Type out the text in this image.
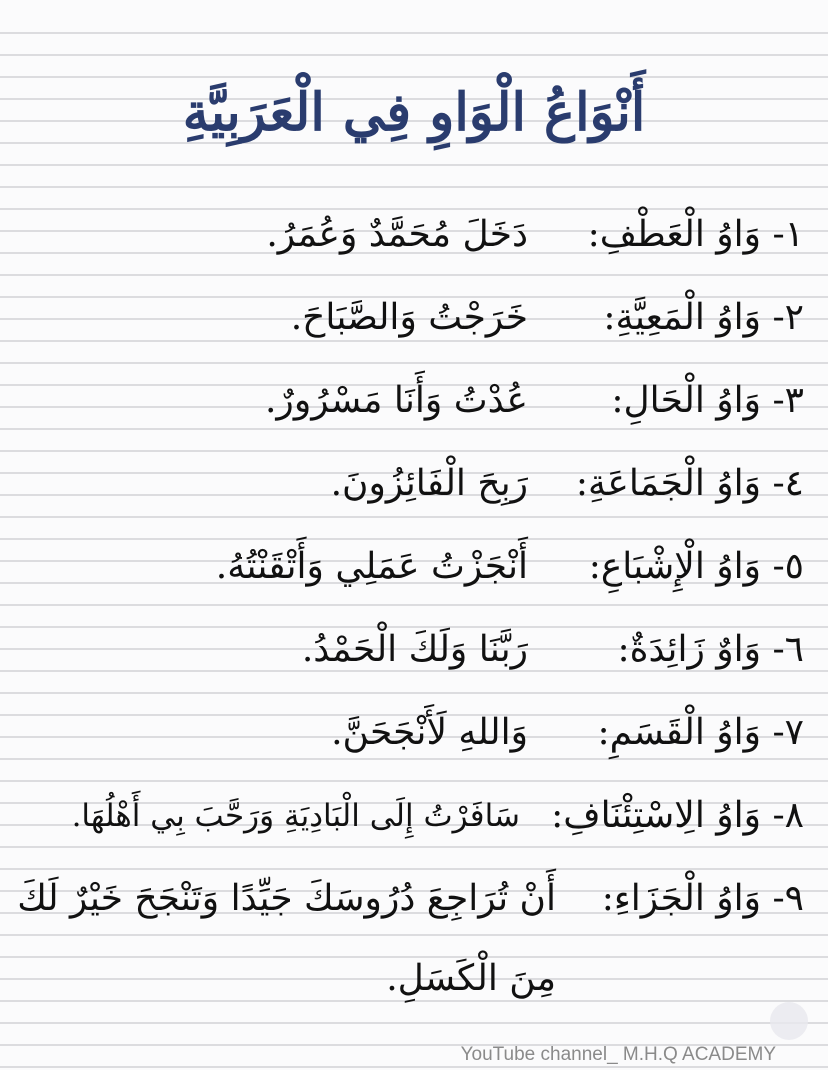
أَنْوَاعُ الْوَاوِ فِي الْعَرَبِيَّةِ
١- وَاوُ الْعَطْفِ:
دَخَلَ مُحَمَّدٌ وَعُمَرُ.
٢- وَاوُ الْمَعِيَّةِ:
خَرَجْتُ وَالصَّبَاحَ.
٣- وَاوُ الْحَالِ:
عُدْتُ وَأَنَا مَسْرُورٌ.
٤- وَاوُ الْجَمَاعَةِ:
رَبِحَ الْفَائِزُونَ.
٥- وَاوُ الْإِشْبَاعِ:
أَنْجَزْتُ عَمَلِي وَأَتْقَنْتُهُ.
٦- وَاوٌ زَائِدَةٌ:
رَبَّنَا وَلَكَ الْحَمْدُ.
٧- وَاوُ الْقَسَمِ:
وَاللهِ لَأَنْجَحَنَّ.
٨- وَاوُ الِاسْتِئْنَافِ:
سَافَرْتُ إِلَى الْبَادِيَةِ وَرَحَّبَ بِي أَهْلُهَا.
٩- وَاوُ الْجَزَاءِ:
أَنْ تُرَاجِعَ دُرُوسَكَ جَيِّدًا وَتَنْجَحَ خَيْرٌ لَكَ مِنَ الْكَسَلِ.
YouTube channel_ M.H.Q ACADEMY
